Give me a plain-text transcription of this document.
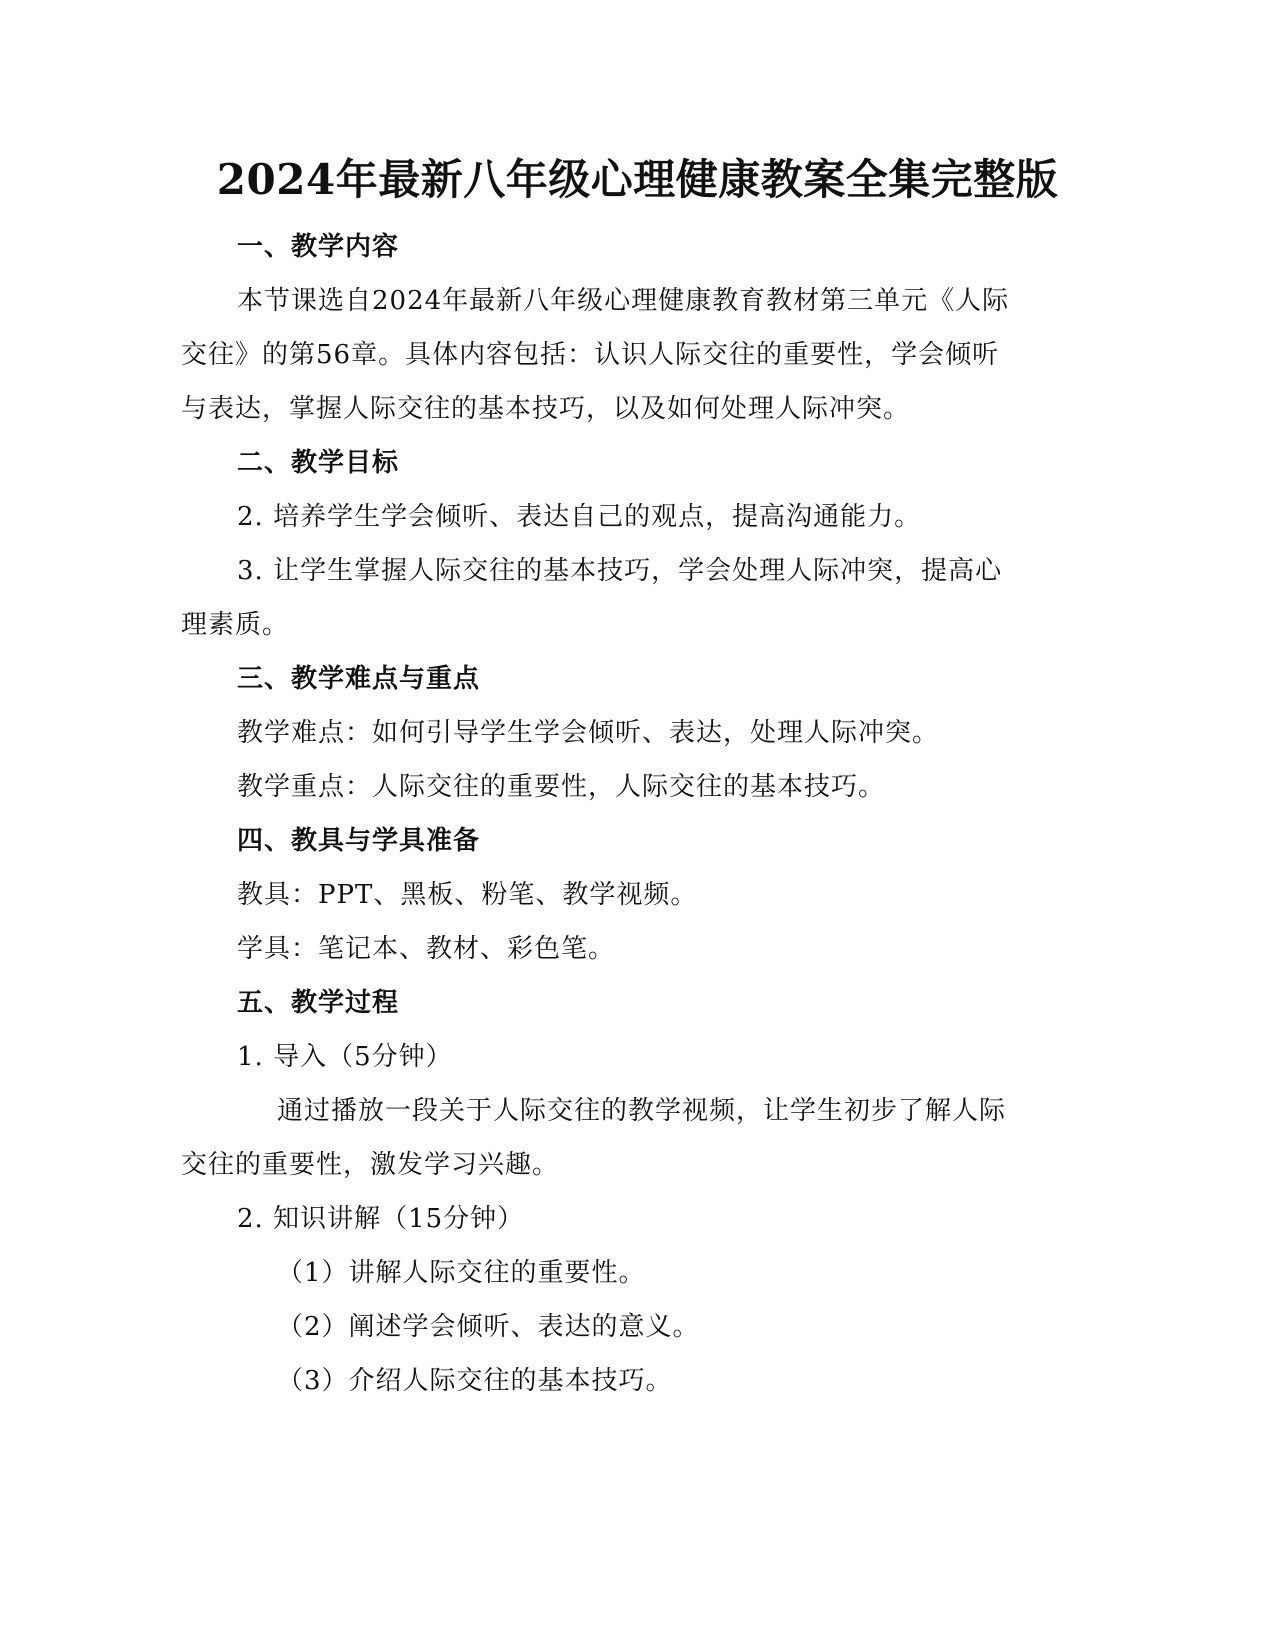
2024年最新八年级心理健康教案全集完整版
一、教学内容
本节课选自2024年最新八年级心理健康教育教材第三单元《人际
交往》的第56章。具体内容包括：认识人际交往的重要性，学会倾听
与表达，掌握人际交往的基本技巧，以及如何处理人际冲突。
二、教学目标
2. 培养学生学会倾听、表达自己的观点，提高沟通能力。
3. 让学生掌握人际交往的基本技巧，学会处理人际冲突，提高心
理素质。
三、教学难点与重点
教学难点：如何引导学生学会倾听、表达，处理人际冲突。
教学重点：人际交往的重要性，人际交往的基本技巧。
四、教具与学具准备
教具：PPT、黑板、粉笔、教学视频。
学具：笔记本、教材、彩色笔。
五、教学过程
1. 导入（5分钟）
通过播放一段关于人际交往的教学视频，让学生初步了解人际
交往的重要性，激发学习兴趣。
2. 知识讲解（15分钟）
（1）讲解人际交往的重要性。
（2）阐述学会倾听、表达的意义。
（3）介绍人际交往的基本技巧。
